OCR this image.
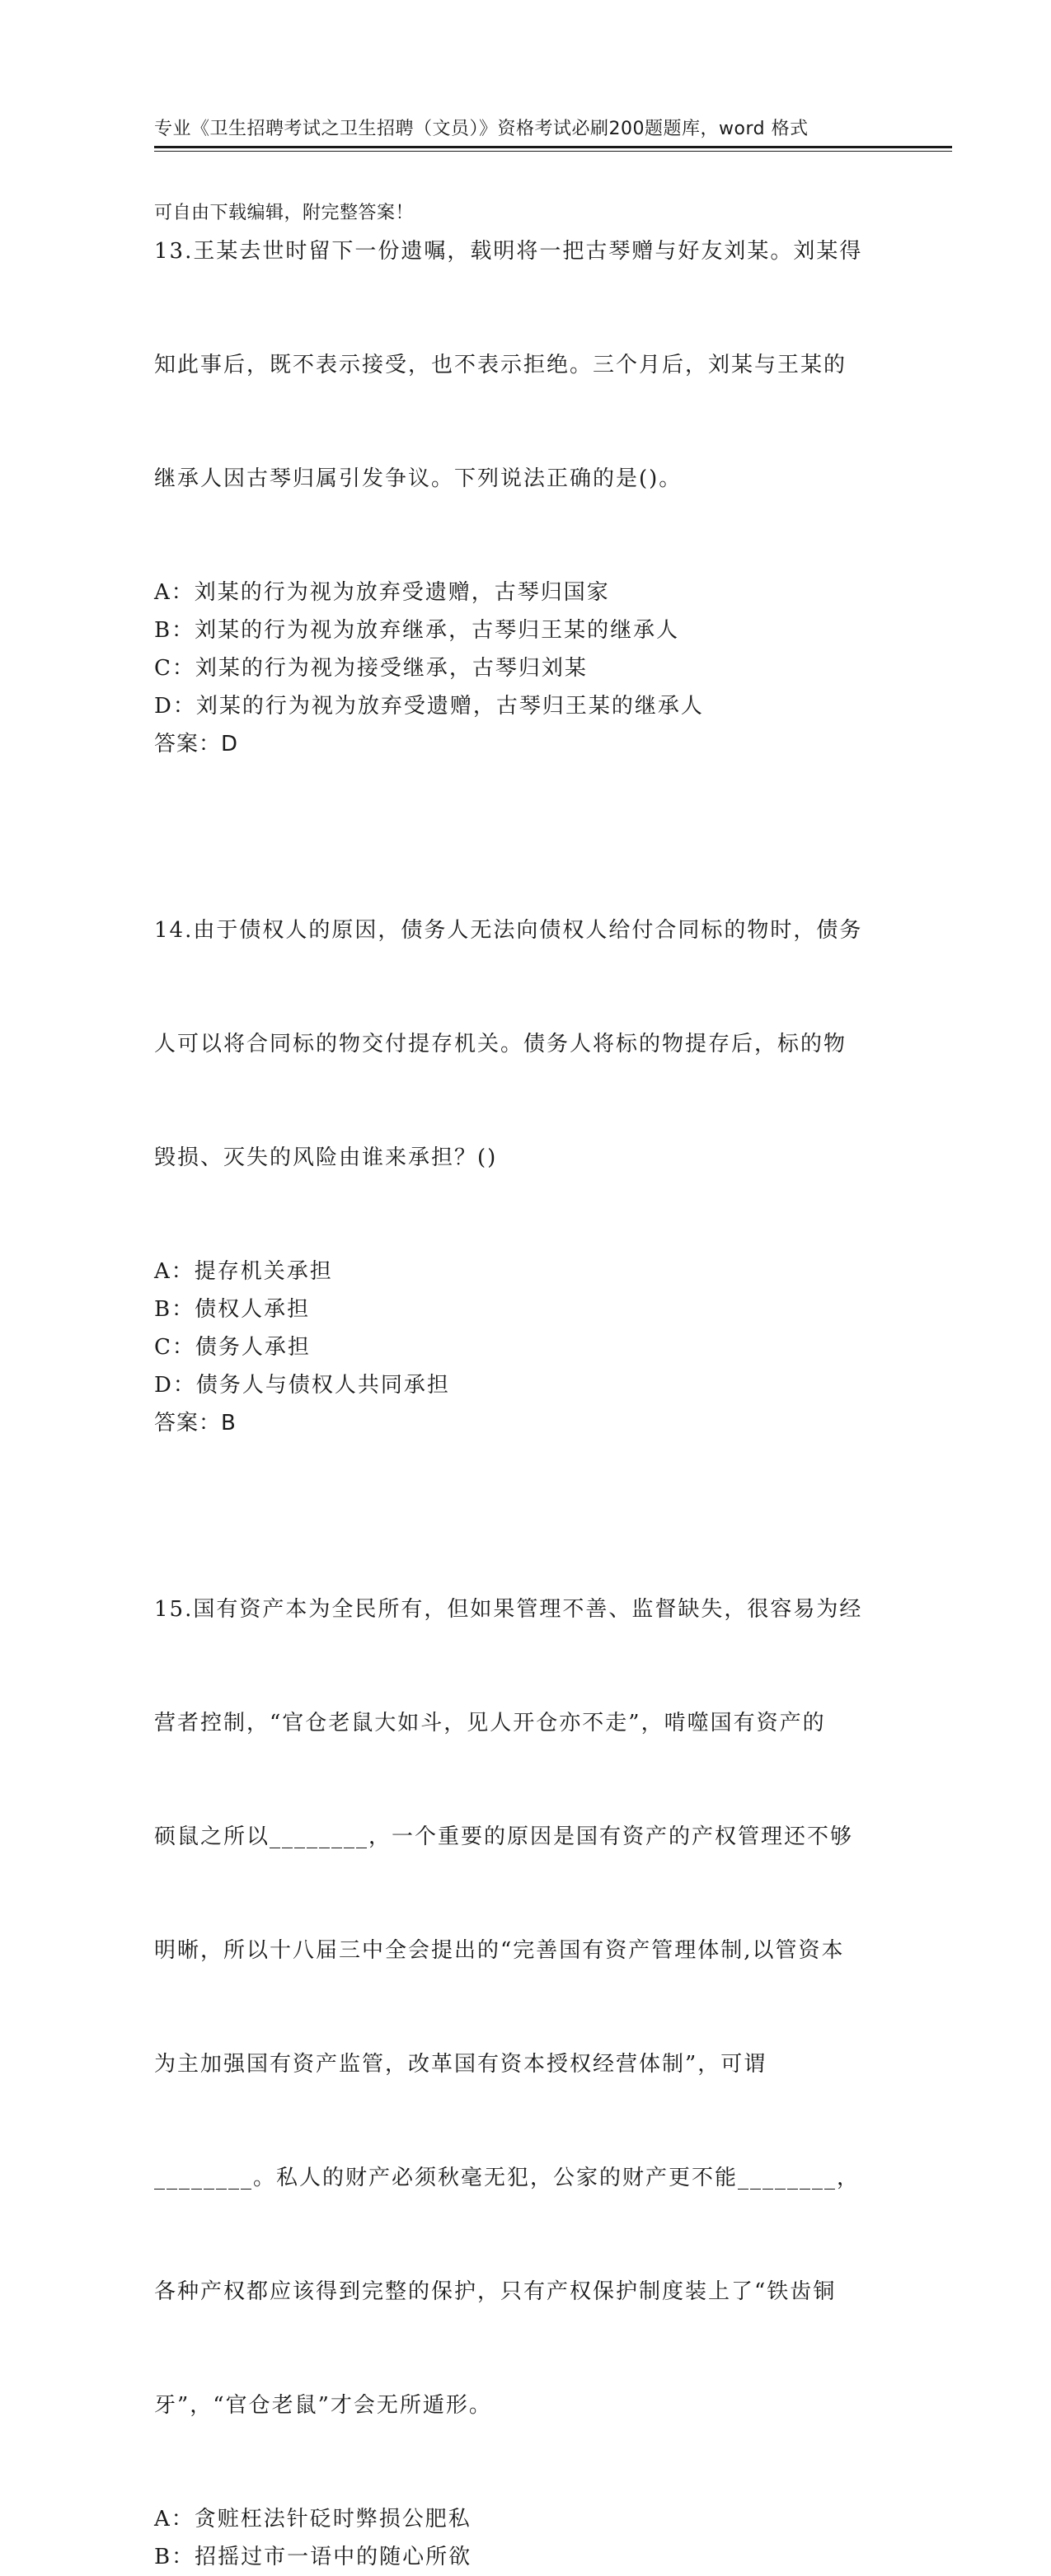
专业《卫生招聘考试之卫生招聘（文员）》资格考试必刷200题题库，word 格式

可自由下载编辑，附完整答案！

13.王某去世时留下一份遗嘱，载明将一把古琴赠与好友刘某。刘某得

知此事后，既不表示接受，也不表示拒绝。三个月后，刘某与王某的

继承人因古琴归属引发争议。下列说法正确的是()。

A：刘某的行为视为放弃受遗赠，古琴归国家
B：刘某的行为视为放弃继承，古琴归王某的继承人
C：刘某的行为视为接受继承，古琴归刘某
D：刘某的行为视为放弃受遗赠，古琴归王某的继承人
答案：D

14.由于债权人的原因，债务人无法向债权人给付合同标的物时，债务

人可以将合同标的物交付提存机关。债务人将标的物提存后，标的物

毁损、灭失的风险由谁来承担？()

A：提存机关承担
B：债权人承担
C：债务人承担
D：债务人与债权人共同承担
答案：B

15.国有资产本为全民所有，但如果管理不善、监督缺失，很容易为经

营者控制，“官仓老鼠大如斗，见人开仓亦不走”，啃噬国有资产的

硕鼠之所以________，一个重要的原因是国有资产的产权管理还不够

明晰，所以十八届三中全会提出的“完善国有资产管理体制,以管资本

为主加强国有资产监管，改革国有资本授权经营体制”，可谓

________。私人的财产必须秋毫无犯，公家的财产更不能________，

各种产权都应该得到完整的保护，只有产权保护制度装上了“铁齿铜

牙”，“官仓老鼠”才会无所遁形。

A：贪赃枉法针砭时弊损公肥私
B：招摇过市一语中的随心所欲
